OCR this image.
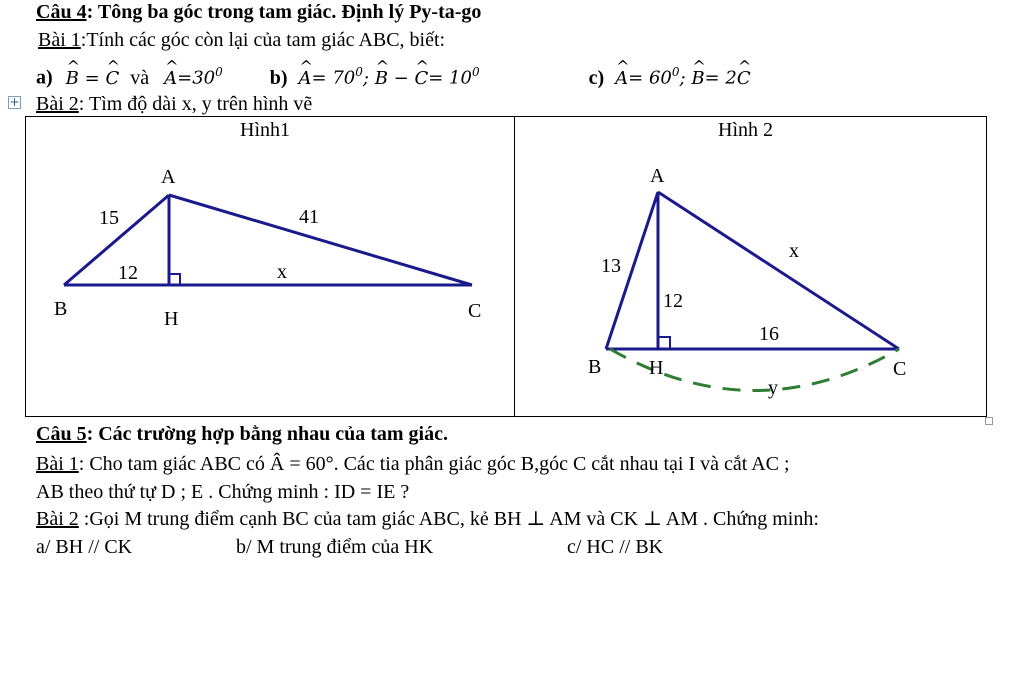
Câu 4: Tông ba góc trong tam giác. Định lý Py-ta-go
Bài 1:Tính các góc còn lại của tam giác ABC, biết:
a) ^ B = ^ C và ^ $A=30^0$ b) ^ $A= 70^0$; ^ B − ^ $C= 10^0$	c) ^ $A= 60^0$; ^ B= 2^ C
+ Bài 2: Tìm độ dài x, y trên hình vẽ
Hình1	Hình 2
A
B	C
H
15	41
12	x
A
B	C
H
13
x
12
16
y
Câu 5: Các trường hợp bằng nhau của tam giác.
Bài 1: Cho tam giác ABC có Â = 60°. Các tia phân giác góc B,góc C cắt nhau tại I và cắt AC ;
AB theo thứ tự D ; E . Chứng minh : ID = IE ?
Bài 2 :Gọi M trung điểm cạnh BC của tam giác ABC, kẻ BH ⊥ AM và CK ⊥ AM . Chứng minh:
a/ BH // CK	b/ M trung điểm của HK	c/ HC // BK
